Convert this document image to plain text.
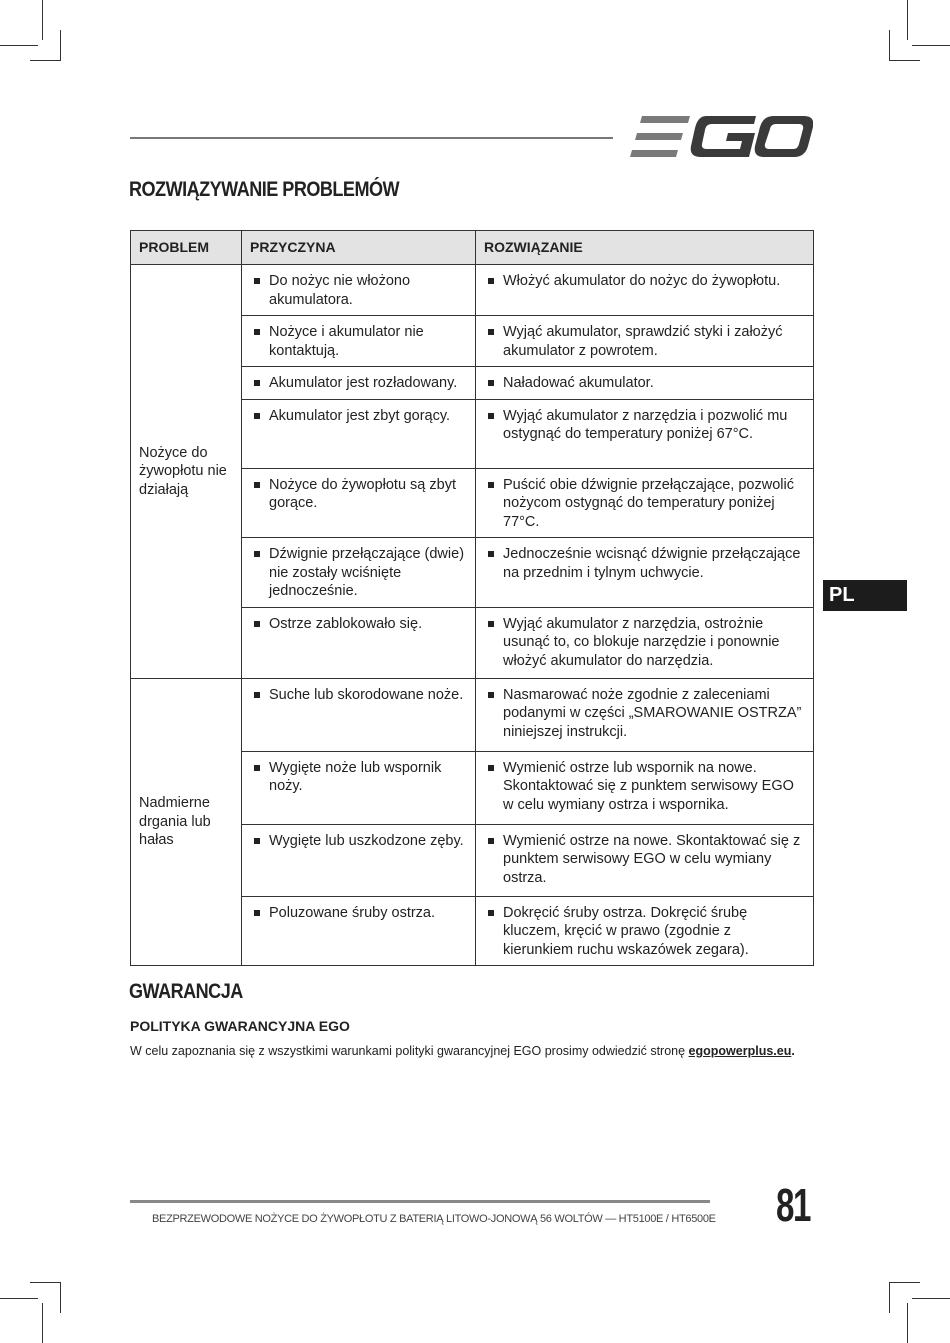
ROZWIĄZYWANIE PROBLEMÓW
PROBLEM	PRZYCZYNA	ROZWIĄZANIE
Nożyce do żywopłotu nie działają	Do nożyc nie włożono akumulatora.	Włożyć akumulator do nożyc do żywopłotu.

	Nożyce i akumulator nie kontaktują.	Wyjąć akumulator, sprawdzić styki i założyć akumulator z powrotem.

	Akumulator jest rozładowany.	Naładować akumulator.

	Akumulator jest zbyt gorący.	Wyjąć akumulator z narzędzia i pozwolić mu ostygnąć do temperatury poniżej 67°C.

	Nożyce do żywopłotu są zbyt gorące.	Puścić obie dźwignie przełączające, pozwolić nożycom ostygnąć do temperatury poniżej 77°C.

	Dźwignie przełączające (dwie) nie zostały wciśnięte jednocześnie.	Jednocześnie wcisnąć dźwignie przełączające na przednim i tylnym uchwycie.

	Ostrze zablokowało się.	Wyjąć akumulator z narzędzia, ostrożnie usunąć to, co blokuje narzędzie i ponownie włożyć akumulator do narzędzia.

Nadmierne drgania lub hałas	Suche lub skorodowane noże.	Nasmarować noże zgodnie z zaleceniami podanymi w części „SMAROWANIE OSTRZA” niniejszej instrukcji.

	Wygięte noże lub wspornik noży.	Wymienić ostrze lub wspornik na nowe. Skontaktować się z punktem serwisowy EGO w celu wymiany ostrza i wspornika.

	Wygięte lub uszkodzone zęby.	Wymienić ostrze na nowe. Skontaktować się z punktem serwisowy EGO w celu wymiany ostrza.

	Poluzowane śruby ostrza.	Dokręcić śruby ostrza. Dokręcić śrubę kluczem, kręcić w prawo (zgodnie z kierunkiem ruchu wskazówek zegara).
PL
GWARANCJA
POLITYKA GWARANCYJNA EGO
W celu zapoznania się z wszystkimi warunkami polityki gwarancyjnej EGO prosimy odwiedzić stronę egopowerplus.eu.
BEZPRZEWODOWE NOŻYCE DO ŻYWOPŁOTU Z BATERIĄ LITOWO-JONOWĄ 56 WOLTÓW — HT5100E / HT6500E 81
